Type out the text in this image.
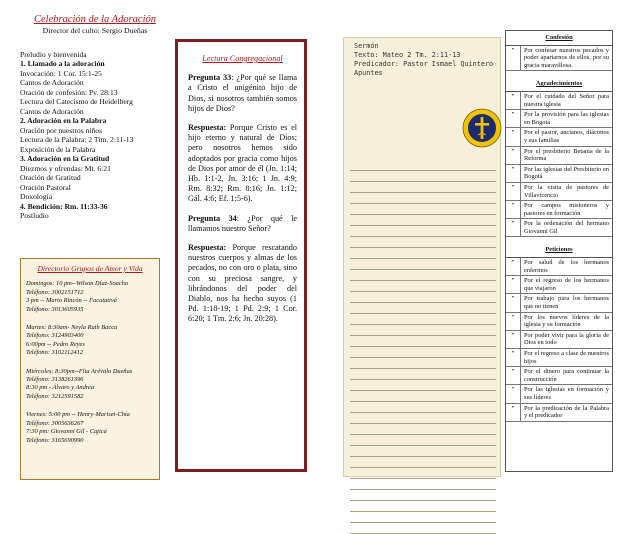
Celebración de la Adoración

Director del culto: Sergio Dueñas

Preludio y bienvenida

1. Llamado a la adoración

Invocación: 1 Cor. 15:1-25

Cantos de Adoración

Oración de confesión: Pv. 28:13

Lectura del Catecismo de Heidelberg

Cantos de Adoración

2. Adoración en la Palabra

Oración por nuestros niños

Lectura de la Palabra: 2 Tim. 2:11-13

Exposición de la Palabra

3. Adoración en la Gratitud

Diezmos y ofrendas: Mt. 6:21

Oración de Gratitud

Oración Pastoral

Doxología

4. Bendición: Rm. 11:33-36

Postludio

Directorio Grupos de Amor y Vida

Domingos: 10 pm--Wilson Díaz-Soacha

Teléfono: 3002151712

3 pm -- Mario Rincón -- Facatativá

Teléfono: 3013605935

Martes: 8:30am- Neyla Ruth Bacca

Teléfono: 3124903400

6:00pm -- Pedro Reyes

Teléfono: 3102112412

Miércoles: 8:30pm--Flia Arévalo Dueñas

Teléfono: 3138261396

8:30 pm - Álvaro y Andrea

Teléfono: 3212591582

Viernes: 5:00 pm -- Henry-Mariset-Chía

Teléfono: 3005636267

7:30 pm: Giovanni Gil - Cajicá

Teléfono: 3165690990

Lectura Congregacional

Pregunta 33: ¿Por qué se llama a Cristo el unigénito hijo de Dios, si nosotros también somos hijos de Dios?

Respuesta: Porque Cristo es el hijo eterno y natural de Dios; pero nosotros hemos sido adoptados por gracia como hijos de Dios por amor de él (Jn. 1:14; Hb. 1:1-2, Jn. 3:16; 1 Jn. 4:9; Rm. 8:32; Rm. 8:16; Jn. 1:12; Gál. 4:6; Ef. 1:5-6).

Pregunta 34: ¿Por qué le llamamos nuestro Señor?

Respuesta: Porque rescatando nuestros cuerpos y almas de los pecados, no con oro o plata, sino con su preciosa sangre, y librándonos del poder del Diablo, nos ha hecho suyos (1 Pd. 1:18-19; 1 Pd. 2:9; 1 Cor. 6:20; 1 Tm. 2:6; Jn. 20:28).

Sermón

Texto: Mateo 2 Tm. 2:11-13

Predicador: Pastor Ismael Quintero

Apuntes

Confesión

•	Por confesar nuestros pecados y poder apartarnos de ellos, por su gracia maravillosa.

Agradecimientos

•	Por el cuidado del Señor para nuestra iglesia
•	Por la provisión para las iglesias en Bogotá
•	Por el pastor, ancianos, diáconos y sus familias
•	Por el presbiterio Betania de la Reforma
•	Por las iglesias del Presbiterio en Bogotá
•	Por la visita de pastores de Villavicencio
•	Por campos misioneros y pastores en formación
•	Por la ordenación del hermano Giovanni Gil

Peticiones

•	Por salud de los hermanos enfermos
•	Por el regreso de los hermanos que viajaron
•	Por trabajo para los hermanos que no tienen
•	Por los nuevos líderes de la iglesia y su formación
•	Por poder vivir para la gloria de Dios en todo
•	Por el regreso a clase de nuestros hijos
•	Por el dinero para continuar la construcción
•	Por las iglesias en formación y sus líderes
•	Por la predicación de la Palabra y el predicador
